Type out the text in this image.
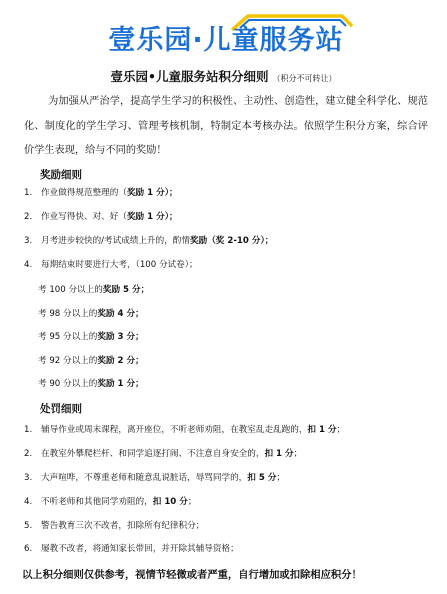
壹乐园·儿童服务站
壹乐园•儿童服务站积分细则 （积分不可转让）
为加强从严治学，提高学生学习的积极性、主动性、创造性，建立健全科学化、规范化、制度化的学生学习、管理考核机制，特制定本考核办法。依照学生积分方案，综合评价学生表现，给与不同的奖励！
奖励细则
1. 作业做得规范整理的（奖励 1 分）；
2. 作业写得快、对、好（奖励 1 分）；
3. 月考进步较快的/考试成绩上升的，酌情奖励（奖 2-10 分）；
4. 每期结束时要进行大考，（100 分试卷）；
考 100 分以上的奖励 5 分；
考 98 分以上的奖励 4 分；
考 95 分以上的奖励 3 分；
考 92 分以上的奖励 2 分；
考 90 分以上的奖励 1 分；
处罚细则
1. 辅导作业或周末课程，离开座位，不听老师劝阻，在教室乱走乱跑的，扣 1 分；
2. 在教室外攀爬栏杆、和同学追逐打闹、不注意自身安全的，扣 1 分；
3. 大声喧哗，不尊重老师和随意乱说脏话，辱骂同学的，扣 5 分；
4. 不听老师和其他同学劝阻的，扣 10 分；
5. 警告教育三次不改者，扣除所有纪律积分；
6. 屡教不改者，将通知家长带回，并开除其辅导资格；
以上积分细则仅供参考，视情节轻微或者严重，自行增加或扣除相应积分！
